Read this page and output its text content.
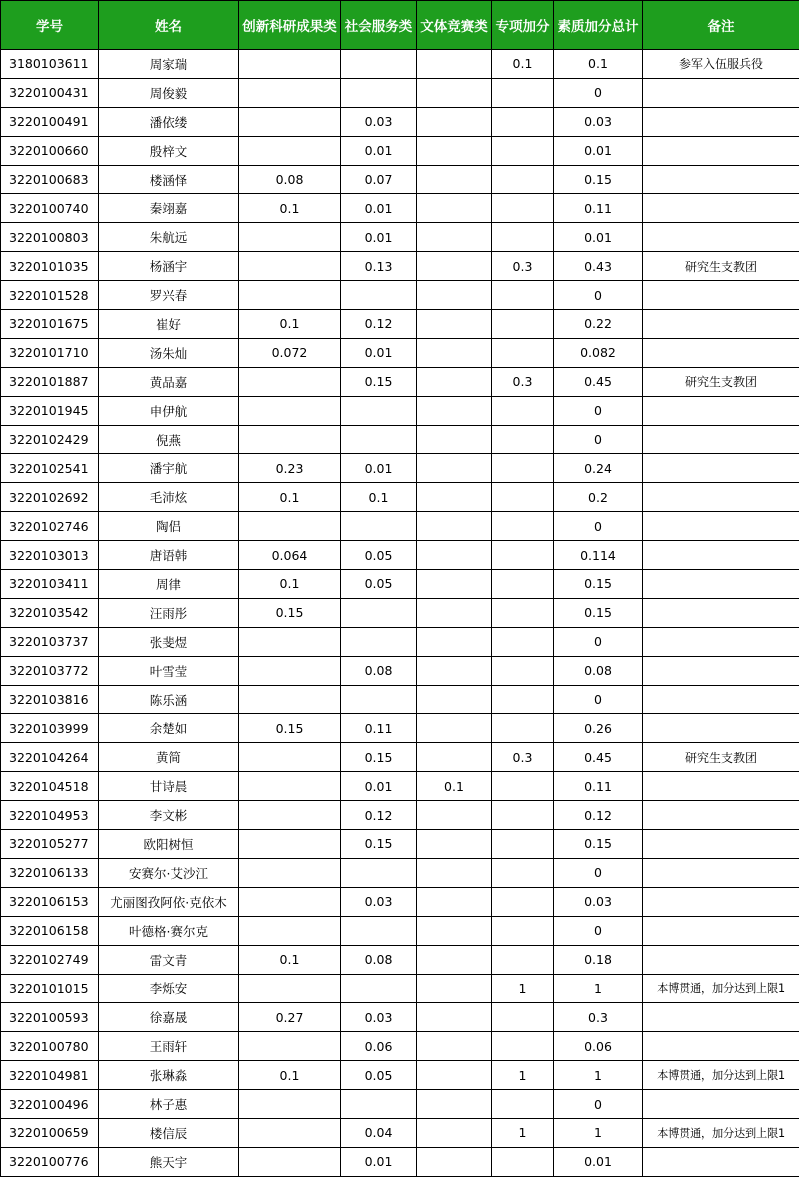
学号	姓名	创新科研成果类	社会服务类	文体竞赛类	专项加分	素质加分总计	备注
3180103611	周家瑞				0.1	0.1	参军入伍服兵役
3220100431	周俊毅					0	
3220100491	潘依缕		0.03			0.03	
3220100660	殷梓文		0.01			0.01	
3220100683	楼涵怿	0.08	0.07			0.15	
3220100740	秦翊嘉	0.1	0.01			0.11	
3220100803	朱航远		0.01			0.01	
3220101035	杨涵宇		0.13		0.3	0.43	研究生支教团
3220101528	罗兴春					0	
3220101675	崔好	0.1	0.12			0.22	
3220101710	汤朱灿	0.072	0.01			0.082	
3220101887	黄品嘉		0.15		0.3	0.45	研究生支教团
3220101945	申伊航					0	
3220102429	倪燕					0	
3220102541	潘宇航	0.23	0.01			0.24	
3220102692	毛沛炫	0.1	0.1			0.2	
3220102746	陶侣					0	
3220103013	唐语韩	0.064	0.05			0.114	
3220103411	周律	0.1	0.05			0.15	
3220103542	汪雨彤	0.15				0.15	
3220103737	张斐煜					0	
3220103772	叶雪莹		0.08			0.08	
3220103816	陈乐涵					0	
3220103999	余楚如	0.15	0.11			0.26	
3220104264	黄简		0.15		0.3	0.45	研究生支教团
3220104518	甘诗晨		0.01	0.1		0.11	
3220104953	李文彬		0.12			0.12	
3220105277	欧阳树恒		0.15			0.15	
3220106133	安赛尔·艾沙江					0	
3220106153	尤丽图孜阿依·克依木		0.03			0.03	
3220106158	叶德格·赛尔克					0	
3220102749	雷文青	0.1	0.08			0.18	
3220101015	李烁安				1	1	本博贯通，加分达到上限1
3220100593	徐嘉晟	0.27	0.03			0.3	
3220100780	王雨轩		0.06			0.06	
3220104981	张琳淼	0.1	0.05		1	1	本博贯通，加分达到上限1
3220100496	林子惠					0	
3220100659	楼信辰		0.04		1	1	本博贯通，加分达到上限1
3220100776	熊天宇		0.01			0.01	
